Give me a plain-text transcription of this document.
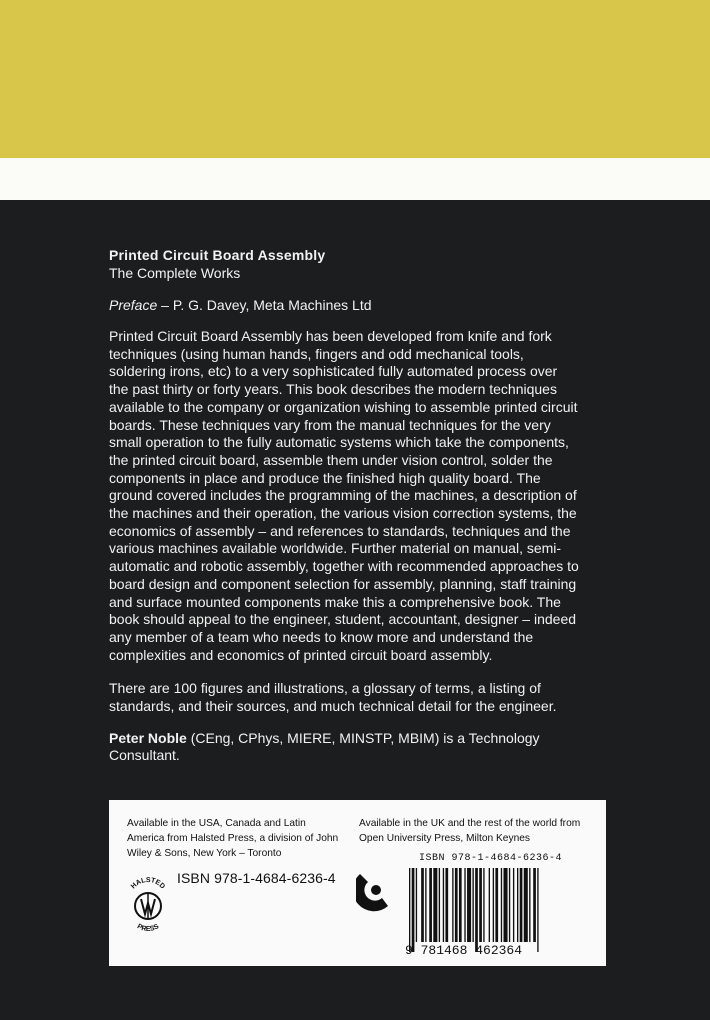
Printed Circuit Board Assembly
The Complete Works
Preface – P. G. Davey, Meta Machines Ltd
Printed Circuit Board Assembly has been developed from knife and fork techniques (using human hands, fingers and odd mechanical tools, soldering irons, etc) to a very sophisticated fully automated process over the past thirty or forty years. This book describes the modern techniques available to the company or organization wishing to assemble printed circuit boards. These techniques vary from the manual techniques for the very small operation to the fully automatic systems which take the components, the printed circuit board, assemble them under vision control, solder the components in place and produce the finished high quality board. The ground covered includes the programming of the machines, a description of the machines and their operation, the various vision correction systems, the economics of assembly – and references to standards, techniques and the various machines available worldwide. Further material on manual, semi-automatic and robotic assembly, together with recommended approaches to board design and component selection for assembly, planning, staff training and surface mounted components make this a comprehensive book. The book should appeal to the engineer, student, accountant, designer – indeed any member of a team who needs to know more and understand the complexities and economics of printed circuit board assembly.
There are 100 figures and illustrations, a glossary of terms, a listing of standards, and their sources, and much technical detail for the engineer.
Peter Noble (CEng, CPhys, MIERE, MINSTP, MBIM) is a Technology Consultant.
Available in the USA, Canada and Latin America from Halsted Press, a division of John Wiley & Sons, New York – Toronto
Available in the UK and the rest of the world from Open University Press, Milton Keynes
HALSTED
PRESS
ISBN 978-1-4684-6236-4
ISBN 978-1-4684-6236-4
9 781468 462364
